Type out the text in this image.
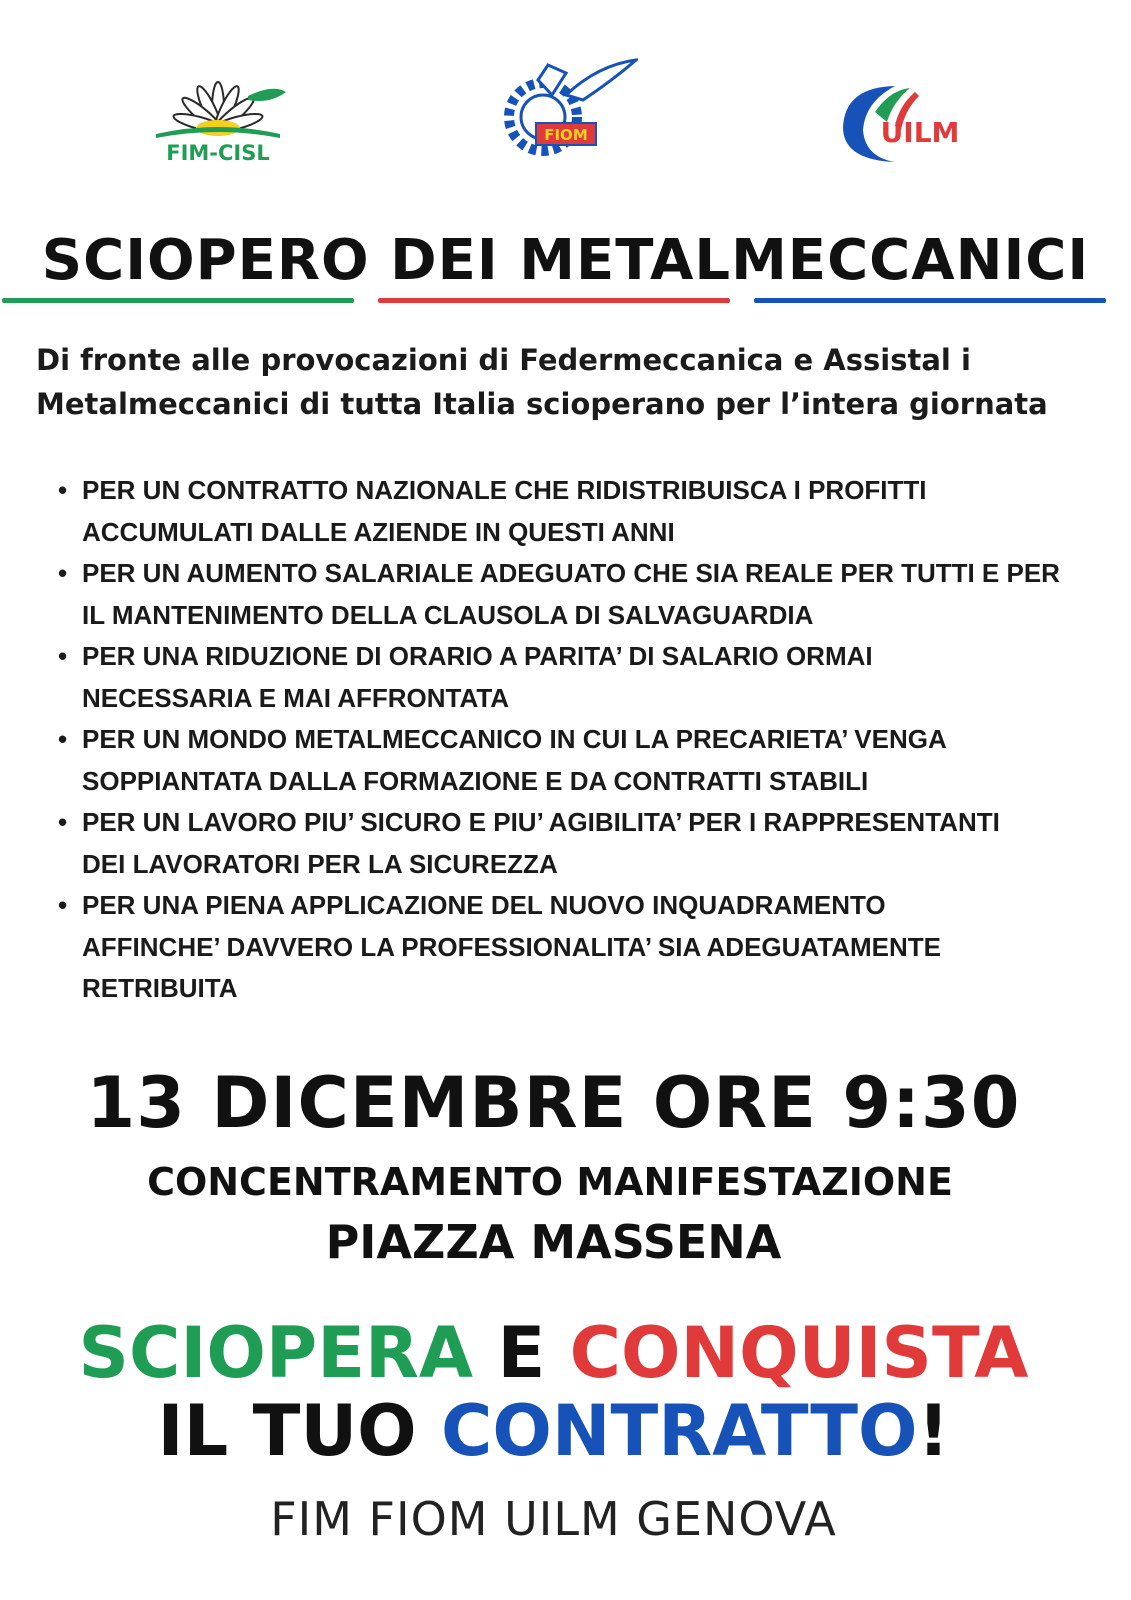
FIM-CISL
FIOM	UILM
SCIOPERO DEI METALMECCANICI
Di fronte alle provocazioni di Federmeccanica e Assistal i
Metalmeccanici di tutta Italia scioperano per l’intera giornata
• PER UN CONTRATTO NAZIONALE CHE RIDISTRIBUISCA I PROFITTI
ACCUMULATI DALLE AZIENDE IN QUESTI ANNI
• PER UN AUMENTO SALARIALE ADEGUATO CHE SIA REALE PER TUTTI E PER
IL MANTENIMENTO DELLA CLAUSOLA DI SALVAGUARDIA
• PER UNA RIDUZIONE DI ORARIO A PARITA’ DI SALARIO ORMAI
NECESSARIA E MAI AFFRONTATA
• PER UN MONDO METALMECCANICO IN CUI LA PRECARIETA’ VENGA
SOPPIANTATA DALLA FORMAZIONE E DA CONTRATTI STABILI
• PER UN LAVORO PIU’ SICURO E PIU’ AGIBILITA’ PER I RAPPRESENTANTI
DEI LAVORATORI PER LA SICUREZZA
• PER UNA PIENA APPLICAZIONE DEL NUOVO INQUADRAMENTO
AFFINCHE’ DAVVERO LA PROFESSIONALITA’ SIA ADEGUATAMENTE
RETRIBUITA
13 DICEMBRE ORE 9:30
CONCENTRAMENTO MANIFESTAZIONE
PIAZZA MASSENA
SCIOPERA E CONQUISTA
IL TUO CONTRATTO!
FIM FIOM UILM GENOVA
